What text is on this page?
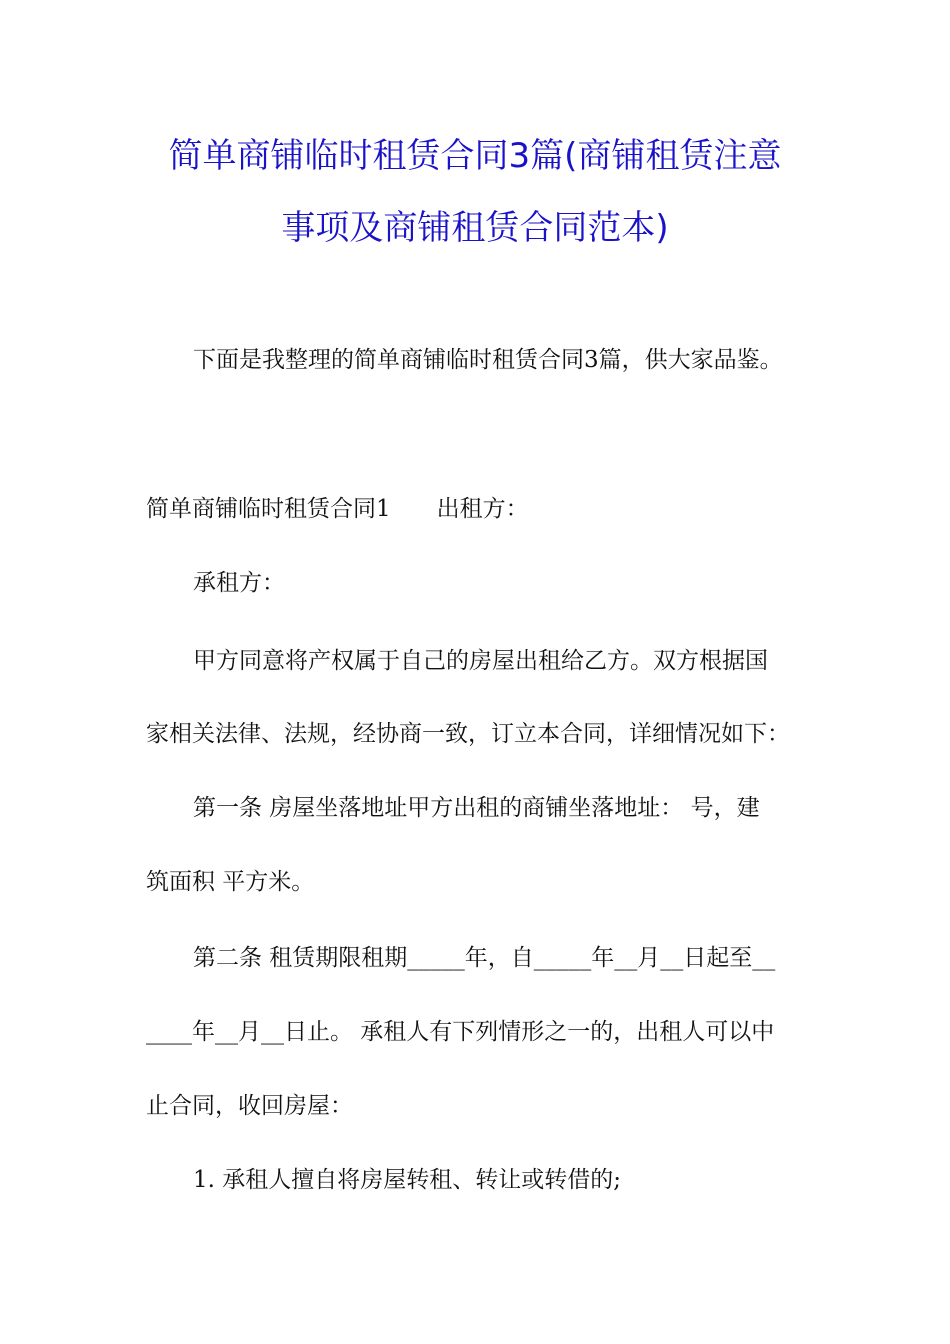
简单商铺临时租赁合同3篇(商铺租赁注意
事项及商铺租赁合同范本)
下面是我整理的简单商铺临时租赁合同3篇，供大家品鉴。
简单商铺临时租赁合同1　　出租方：
承租方：
甲方同意将产权属于自己的房屋出租给乙方。双方根据国
家相关法律、法规，经协商一致，订立本合同，详细情况如下：
第一条 房屋坐落地址甲方出租的商铺坐落地址： 号，建
筑面积 平方米。
第二条 租赁期限租期_____年，自_____年__月__日起至__
____年__月__日止。 承租人有下列情形之一的，出租人可以中
止合同，收回房屋：
1. 承租人擅自将房屋转租、转让或转借的;
